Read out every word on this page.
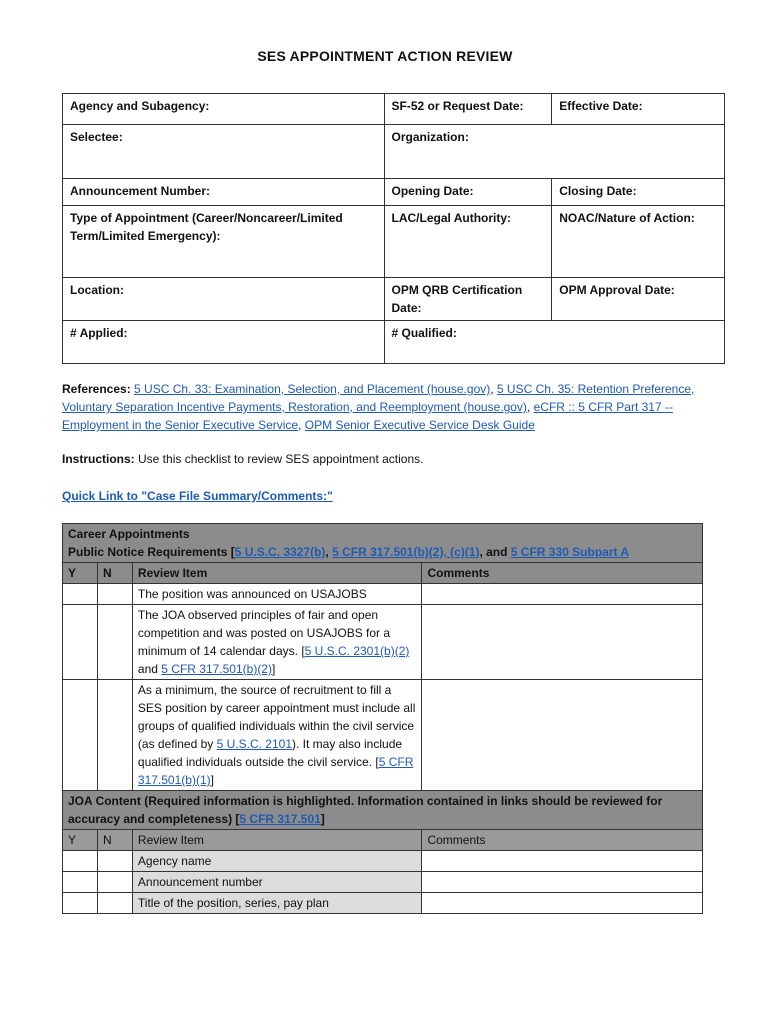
SES APPOINTMENT ACTION REVIEW
Agency and Subagency:	SF-52 or Request Date:	Effective Date:
Selectee:	Organization:	
Announcement Number:	Opening Date:	Closing Date:
Type of Appointment (Career/Noncareer/Limited Term/Limited Emergency):	LAC/Legal Authority:	NOAC/Nature of Action:
Location:	OPM QRB Certification Date:	OPM Approval Date:
# Applied:	# Qualified:	
References: 5 USC Ch. 33: Examination, Selection, and Placement (house.gov), 5 USC Ch. 35: Retention Preference, Voluntary Separation Incentive Payments, Restoration, and Reemployment (house.gov), eCFR :: 5 CFR Part 317 -- Employment in the Senior Executive Service, OPM Senior Executive Service Desk Guide
Instructions: Use this checklist to review SES appointment actions.
Quick Link to "Case File Summary/Comments:"
Career Appointments
Public Notice Requirements [5 U.S.C. 3327(b), 5 CFR 317.501(b)(2), (c)(1), and 5 CFR 330 Subpart A			

Y	N	Review Item	Comments
		The position was announced on USAJOBS	
		The JOA observed principles of fair and open competition and was posted on USAJOBS for a minimum of 14 calendar days. [5 U.S.C. 2301(b)(2) and 5 CFR 317.501(b)(2)]	
		As a minimum, the source of recruitment to fill a SES position by career appointment must include all groups of qualified individuals within the civil service (as defined by 5 U.S.C. 2101). It may also include qualified individuals outside the civil service. [5 CFR 317.501(b)(1)]	
JOA Content (Required information is highlighted. Information contained in links should be reviewed for accuracy and completeness) [5 CFR 317.501]			
Y	N	Review Item	Comments
		Agency name	
		Announcement number	
		Title of the position, series, pay plan	
